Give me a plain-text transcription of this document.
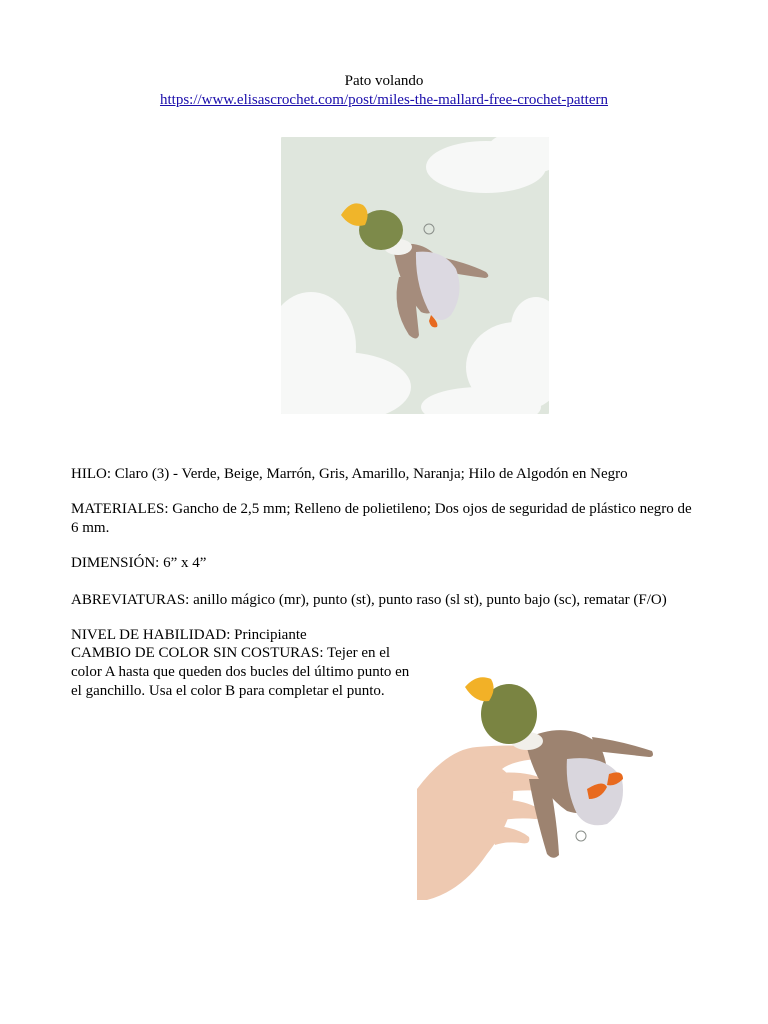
Pato volando
https://www.elisascrochet.com/post/miles-the-mallard-free-crochet-pattern
HILO: Claro (3) - Verde, Beige, Marrón, Gris, Amarillo, Naranja; Hilo de Algodón en Negro
MATERIALES: Gancho de 2,5 mm; Relleno de polietileno; Dos ojos de seguridad de plástico negro de 6 mm.
DIMENSIÓN: 6” x 4”
ABREVIATURAS: anillo mágico (mr), punto (st), punto raso (sl st), punto bajo (sc), rematar (F/O)
NIVEL DE HABILIDAD: Principiante
CAMBIO DE COLOR SIN COSTURAS: Tejer en el color A hasta que queden dos bucles del último punto en el ganchillo. Usa el color B para completar el punto.
